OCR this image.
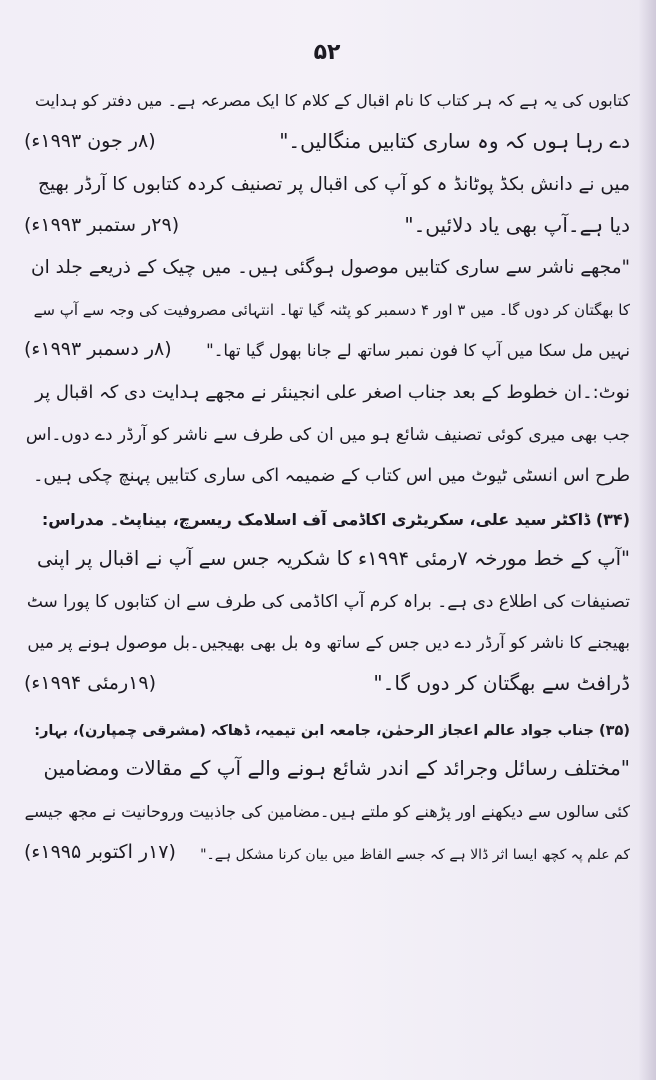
۵۲
کتابوں کی یہ ہے کہ ہر کتاب کا نام اقبال کے کلام کا ایک مصرعہ ہے۔ میں دفتر کو ہدایت
دے رہا ہوں کہ وہ ساری کتابیں منگالیں۔"
(۸ر جون ۱۹۹۳ء)
میں نے دانش بکڈ پوٹانڈ ہ کو آپ کی اقبال پر تصنیف کردہ کتابوں کا آرڈر بھیج
دیا ہے۔آپ بھی یاد دلائیں۔"
(۲۹ر ستمبر ۱۹۹۳ء)
"مجھے ناشر سے ساری کتابیں موصول ہوگئی ہیں۔ میں چیک کے ذریعے جلد ان
کا بھگتان کر دوں گا۔ میں ۳ اور ۴ دسمبر کو پٹنہ گیا تھا۔ انتہائی مصروفیت کی وجہ سے آپ سے
نہیں مل سکا میں آپ کا فون نمبر ساتھ لے جانا بھول گیا تھا۔"
(۸ر دسمبر ۱۹۹۳ء)
نوٹ:۔ان خطوط کے بعد جناب اصغر علی انجینئر نے مجھے ہدایت دی کہ اقبال پر
جب بھی میری کوئی تصنیف شائع ہو میں ان کی طرف سے ناشر کو آرڈر دے دوں۔اس
طرح اس انسٹی ٹیوٹ میں اس کتاب کے ضمیمہ اکی ساری کتابیں پہنچ چکی ہیں۔
(۳۴) ڈاکٹر سید علی، سکریٹری اکاڈمی آف اسلامک ریسرچ، بیناپٹ۔ مدراس:
"آپ کے خط مورخہ ۷رمئی ۱۹۹۴ء کا شکریہ جس سے آپ نے اقبال پر اپنی
تصنیفات کی اطلاع دی ہے۔ براہ کرم آپ اکاڈمی کی طرف سے ان کتابوں کا پورا سٹ
بھیجنے کا ناشر کو آرڈر دے دیں جس کے ساتھ وہ بل بھی بھیجیں۔بل موصول ہونے پر میں
ڈرافٹ سے بھگتان کر دوں گا۔"
(۱۹رمئی ۱۹۹۴ء)
(۳۵) جناب جواد عالم اعجاز الرحمٰن، جامعہ ابن تیمیہ، ڈھاکہ (مشرقی چمپارن)، بہار:
"مختلف رسائل وجرائد کے اندر شائع ہونے والے آپ کے مقالات ومضامین
کئی سالوں سے دیکھنے اور پڑھنے کو ملتے ہیں۔مضامین کی جاذبیت وروحانیت نے مجھ جیسے
کم علم پہ کچھ ایسا اثر ڈالا ہے کہ جسے الفاظ میں بیان کرنا مشکل ہے۔"
(۱۷ر اکتوبر ۱۹۹۵ء)
